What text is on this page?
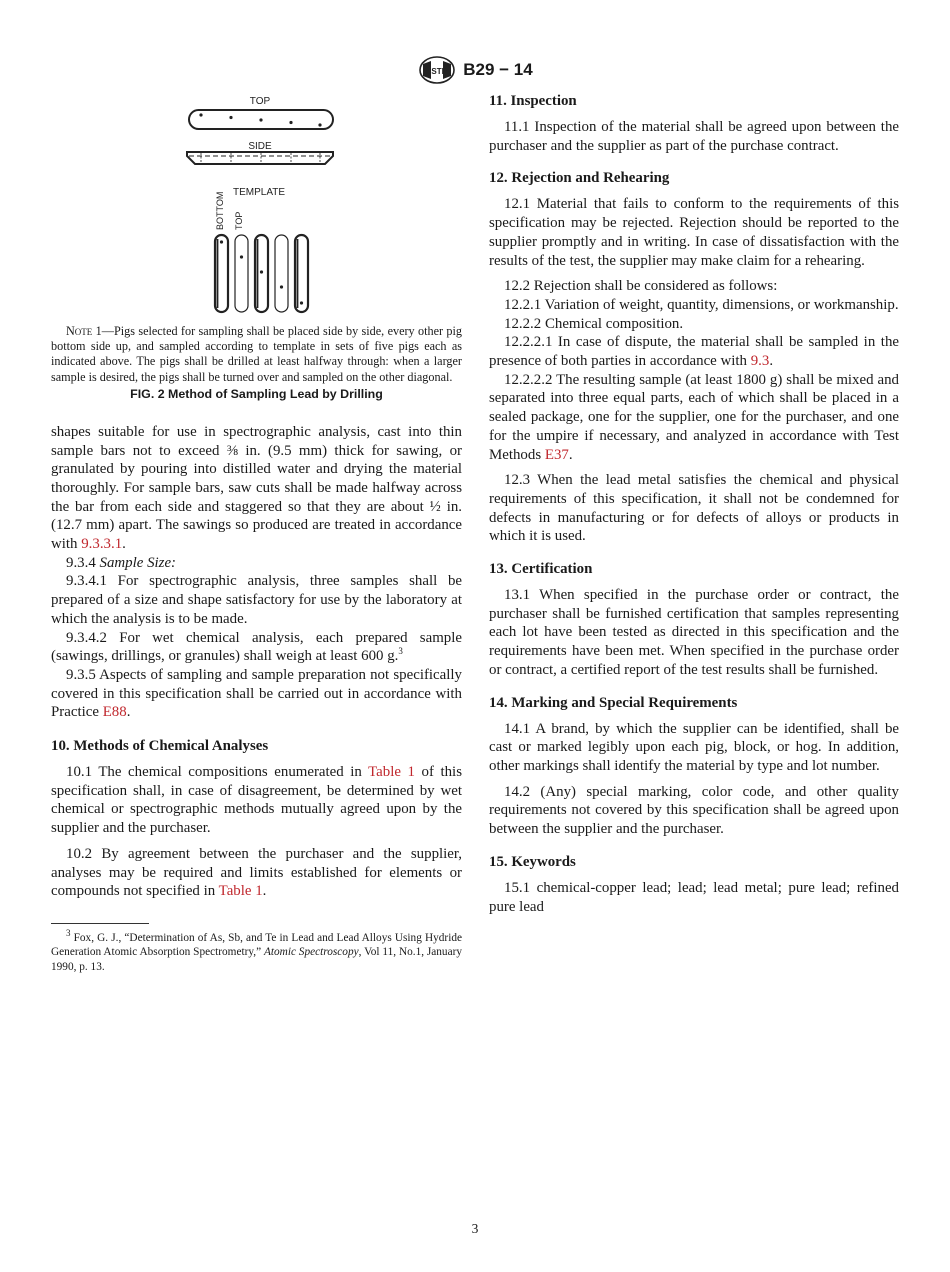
ASTM B29 − 14
TOP
SIDE
TEMPLATE
BOTTOM TOP

Note 1—Pigs selected for sampling shall be placed side by side, every other pig bottom side up, and sampled according to template in sets of five pigs each as indicated above. The pigs shall be drilled at least halfway through: when a larger sample is desired, the pigs shall be turned over and sampled on the other diagonal.

FIG. 2 Method of Sampling Lead by Drilling

shapes suitable for use in spectrographic analysis, cast into thin sample bars not to exceed ⅜ in. (9.5 mm) thick for sawing, or granulated by pouring into distilled water and drying the material thoroughly. For sample bars, saw cuts shall be made halfway across the bar from each side and staggered so that they are about ½ in. (12.7 mm) apart. The sawings so produced are treated in accordance with 9.3.3.1.

9.3.4 Sample Size:

9.3.4.1 For spectrographic analysis, three samples shall be prepared of a size and shape satisfactory for use by the laboratory at which the analysis is to be made.

9.3.4.2 For wet chemical analysis, each prepared sample (sawings, drillings, or granules) shall weigh at least 600 g.$^3$

9.3.5 Aspects of sampling and sample preparation not specifically covered in this specification shall be carried out in accordance with Practice E88.

10. Methods of Chemical Analyses

10.1 The chemical compositions enumerated in Table 1 of this specification shall, in case of disagreement, be determined by wet chemical or spectrographic methods mutually agreed upon by the supplier and the purchaser.

10.2 By agreement between the purchaser and the supplier, analyses may be required and limits established for elements or compounds not specified in Table 1.

$^3$ Fox, G. J., “Determination of As, Sb, and Te in Lead and Lead Alloys Using Hydride Generation Atomic Absorption Spectrometry,” Atomic Spectroscopy, Vol 11, No.1, January 1990, p. 13.

11. Inspection

11.1 Inspection of the material shall be agreed upon between the purchaser and the supplier as part of the purchase contract.

12. Rejection and Rehearing

12.1 Material that fails to conform to the requirements of this specification may be rejected. Rejection should be reported to the supplier promptly and in writing. In case of dissatisfaction with the results of the test, the supplier may make claim for a rehearing.

12.2 Rejection shall be considered as follows:

12.2.1 Variation of weight, quantity, dimensions, or workmanship.

12.2.2 Chemical composition.

12.2.2.1 In case of dispute, the material shall be sampled in the presence of both parties in accordance with 9.3.

12.2.2.2 The resulting sample (at least 1800 g) shall be mixed and separated into three equal parts, each of which shall be placed in a sealed package, one for the supplier, one for the purchaser, and one for the umpire if necessary, and analyzed in accordance with Test Methods E37.

12.3 When the lead metal satisfies the chemical and physical requirements of this specification, it shall not be condemned for defects in manufacturing or for defects of alloys or products in which it is used.

13. Certification

13.1 When specified in the purchase order or contract, the purchaser shall be furnished certification that samples representing each lot have been tested as directed in this specification and the requirements have been met. When specified in the purchase order or contract, a certified report of the test results shall be furnished.

14. Marking and Special Requirements

14.1 A brand, by which the supplier can be identified, shall be cast or marked legibly upon each pig, block, or hog. In addition, other markings shall identify the material by type and lot number.

14.2 (Any) special marking, color code, and other quality requirements not covered by this specification shall be agreed upon between the supplier and the purchaser.

15. Keywords

15.1 chemical-copper lead; lead; lead metal; pure lead; refined pure lead

3
